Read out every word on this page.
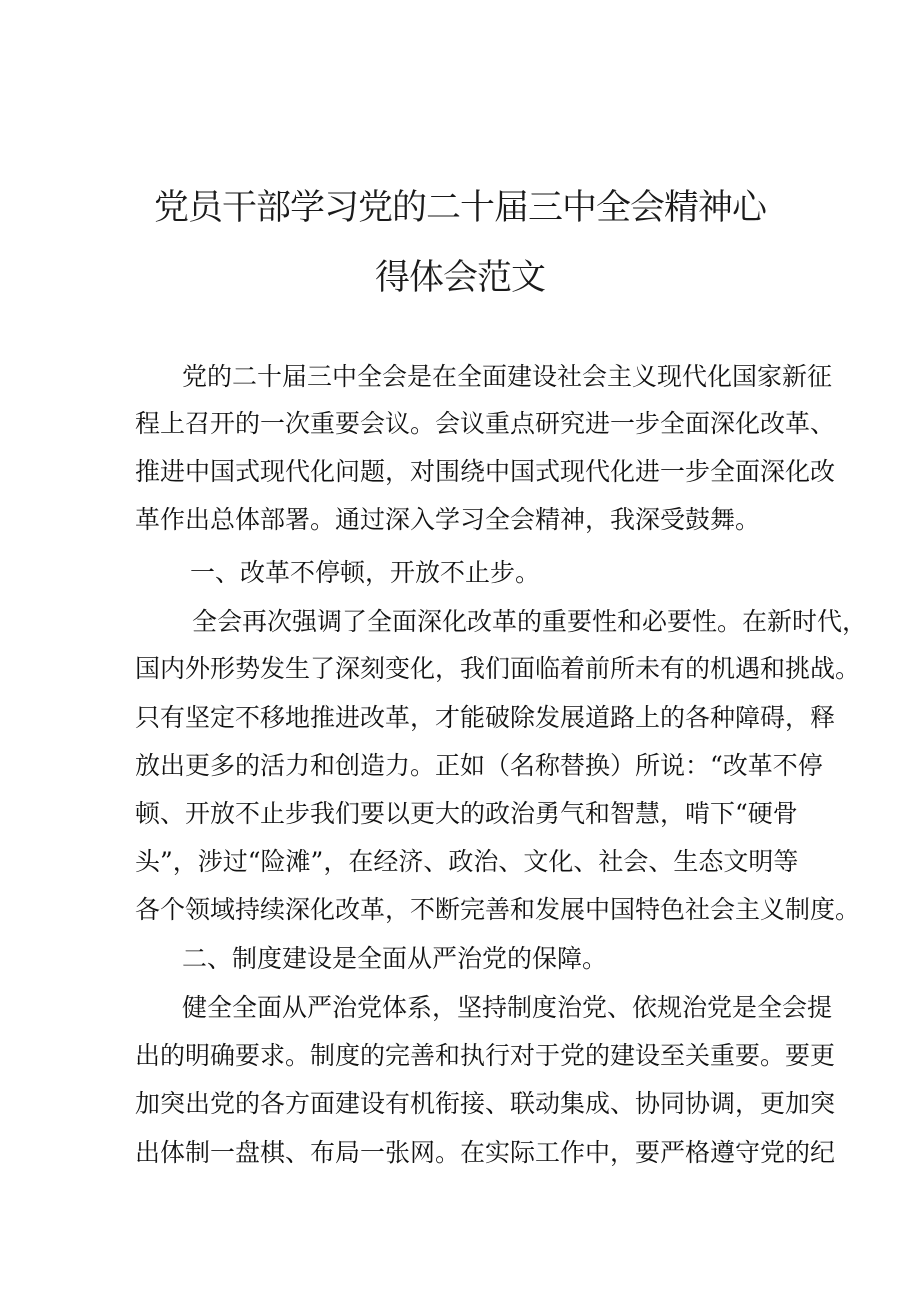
党员干部学习党的二十届三中全会精神心
得体会范文

党的二十届三中全会是在全面建设社会主义现代化国家新征

程上召开的一次重要会议。会议重点研究进一步全面深化改革、

推进中国式现代化问题，对围绕中国式现代化进一步全面深化改

革作出总体部署。通过深入学习全会精神，我深受鼓舞。

一、改革不停顿，开放不止步。

全会再次强调了全面深化改革的重要性和必要性。在新时代，

国内外形势发生了深刻变化，我们面临着前所未有的机遇和挑战。

只有坚定不移地推进改革，才能破除发展道路上的各种障碍，释

放出更多的活力和创造力。正如（名称替换）所说：“改革不停

顿、开放不止步我们要以更大的政治勇气和智慧，啃下“硬骨

头”，涉过“险滩”，在经济、政治、文化、社会、生态文明等

各个领域持续深化改革，不断完善和发展中国特色社会主义制度。

二、制度建设是全面从严治党的保障。

健全全面从严治党体系，坚持制度治党、依规治党是全会提

出的明确要求。制度的完善和执行对于党的建设至关重要。要更

加突出党的各方面建设有机衔接、联动集成、协同协调，更加突

出体制一盘棋、布局一张网。在实际工作中，要严格遵守党的纪
